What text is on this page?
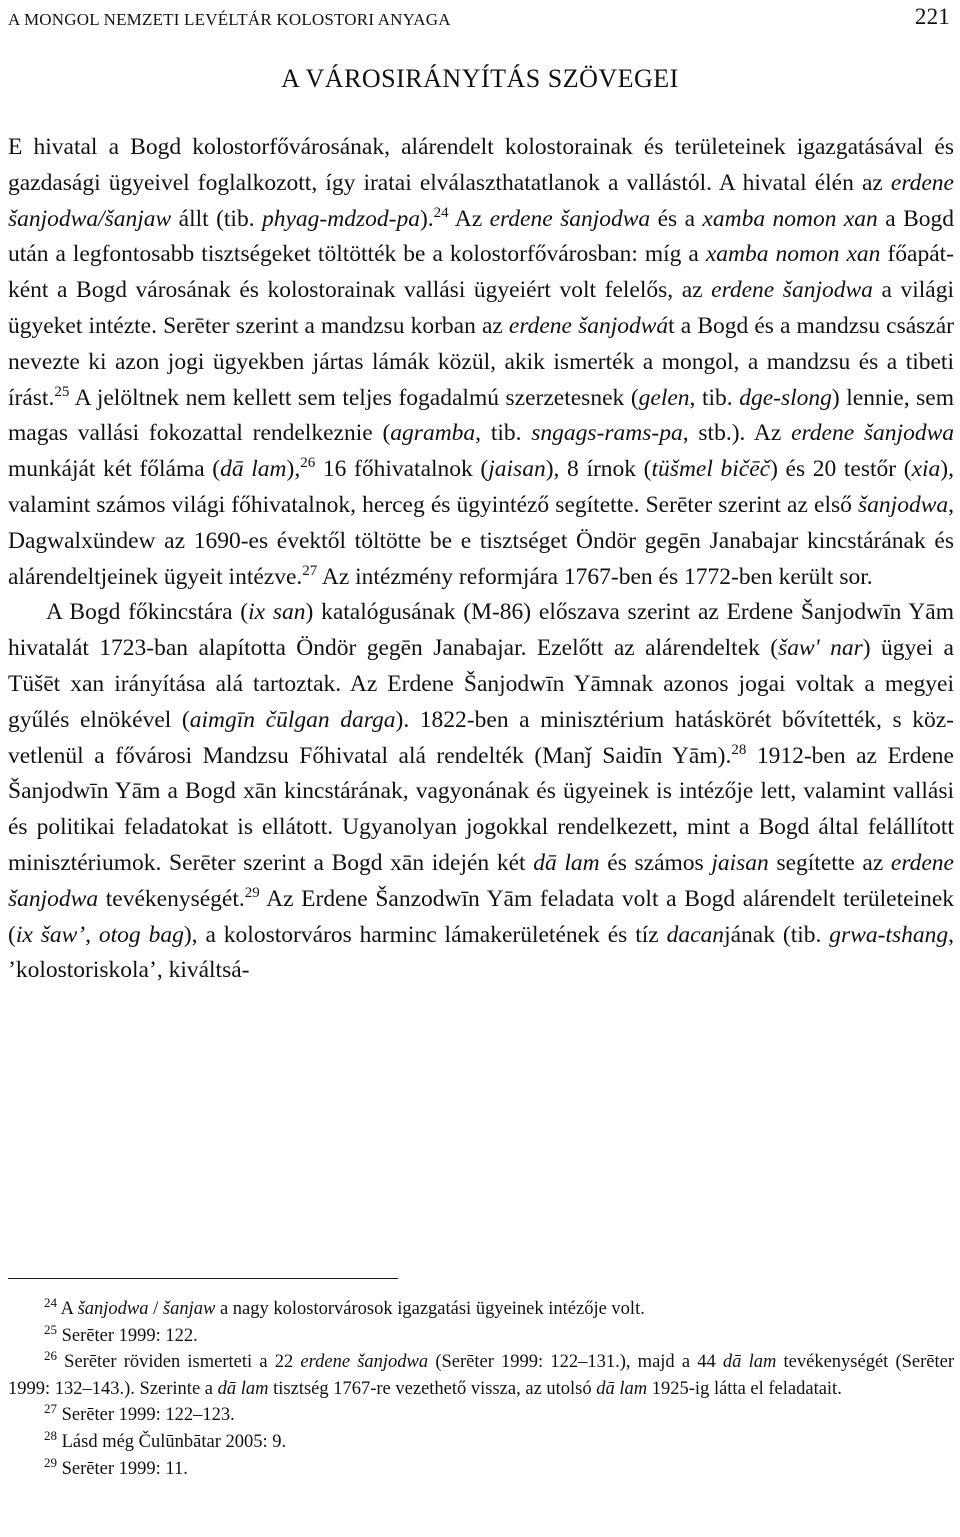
A MONGOL NEMZETI LEVÉLTÁR KOLOSTORI ANYAGA	221
A VÁROSIRÁNYÍTÁS SZÖVEGEI

E hivatal a Bogd kolostorfővárosának, alárendelt kolostorainak és területeinek igazgatásával és gazdasági ügyeivel foglalkozott, így iratai elválaszthatatlanok a vallástól. A hivatal élén az erdene šanjodwa/šanjaw állt (tib. phyag-mdzod-pa).$^{24}$ Az erdene šanjodwa és a xamba nomon xan a Bogd után a legfontosabb tisztségeket töltötték be a kolostorfővárosban: míg a xamba nomon xan főapátként a Bogd városának és kolostorainak vallási ügyeiért volt felelős, az erdene šanjodwa a világi ügyeket intézte. Serēter szerint a mandzsu korban az erdene šanjodwát a Bogd és a mandzsu császár nevezte ki azon jogi ügyekben jártas lámák közül, akik ismerték a mongol, a mandzsu és a tibeti írást.$^{25}$ A jelöltnek nem kellett sem teljes fogadalmú szerzetesnek (gelen, tib. dge-slong) lennie, sem magas vallási fokozattal rendelkeznie (agramba, tib. sngags-rams-pa, stb.). Az erdene šanjodwa munkáját két főláma (dā lam),$^{26}$ 16 főhivatalnok (jaisan), 8 írnok (tüšmel bičēč) és 20 testőr (xia), valamint számos világi főhivatalnok, herceg és ügyintéző segítette. Serēter szerint az első šanjodwa, Dagwalxündew az 1690-es évektől töltötte be e tisztséget Öndör gegēn Janabajar kincstárának és alárendeltjeinek ügyeit intézve.$^{27}$ Az intézmény reformjára 1767-ben és 1772-ben került sor.

A Bogd főkincstára (ix san) katalógusának (M-86) előszava szerint az Erdene Šanjodwīn Yām hivatalát 1723-ban alapította Öndör gegēn Janabajar. Ezelőtt az alárendeltek (šaw' nar) ügyei a Tüšēt xan irányítása alá tartoztak. Az Erdene Šanjodwīn Yāmnak azonos jogai voltak a megyei gyűlés elnökével (aimgīn čūlgan darga). 1822-ben a minisztérium hatáskörét bővítették, s közvetlenül a fővárosi Mandzsu Főhivatal alá rendelték (Manǰ Saidīn Yām).$^{28}$ 1912-ben az Erdene Šanjodwīn Yām a Bogd xān kincstárának, vagyonának és ügyeinek is intézője lett, valamint vallási és politikai feladatokat is ellátott. Ugyanolyan jogokkal rendelkezett, mint a Bogd által felállított minisztériumok. Serēter szerint a Bogd xān idején két dā lam és számos jaisan segítette az erdene šanjodwa tevékenységét.$^{29}$ Az Erdene Šanzodwīn Yām feladata volt a Bogd alárendelt területeinek (ix šaw’, otog bag), a kolostorváros harminc lámakerületének és tíz dacanjának (tib. grwa-tshang, ’kolostoriskola’, kiváltsá-

$^{24}$ A šanjodwa / šanjaw a nagy kolostorvárosok igazgatási ügyeinek intézője volt.

$^{25}$ Serēter 1999: 122.

$^{26}$ Serēter röviden ismerteti a 22 erdene šanjodwa (Serēter 1999: 122–131.), majd a 44 dā lam tevékenységét (Serēter 1999: 132–143.). Szerinte a dā lam tisztség 1767-re vezethető vissza, az utolsó dā lam 1925-ig látta el feladatait.

$^{27}$ Serēter 1999: 122–123.

$^{28}$ Lásd még Čulūnbātar 2005: 9.

$^{29}$ Serēter 1999: 11.
